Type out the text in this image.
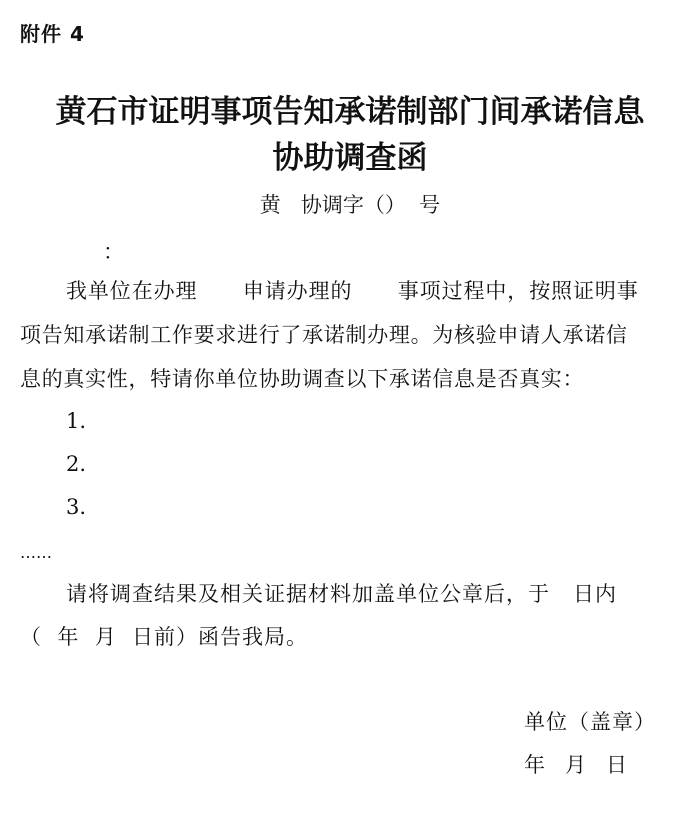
附件 4
黄石市证明事项告知承诺制部门间承诺信息
协助调查函
黄   协调字（）  号
：
我单位在办理      申请办理的      事项过程中，按照证明事
项告知承诺制工作要求进行了承诺制办理。为核验申请人承诺信
息的真实性，特请你单位协助调查以下承诺信息是否真实：
1.
2.
3.
……
请将调查结果及相关证据材料加盖单位公章后，于   日内
（  年  月  日前）函告我局。
单位（盖章）
年   月   日
